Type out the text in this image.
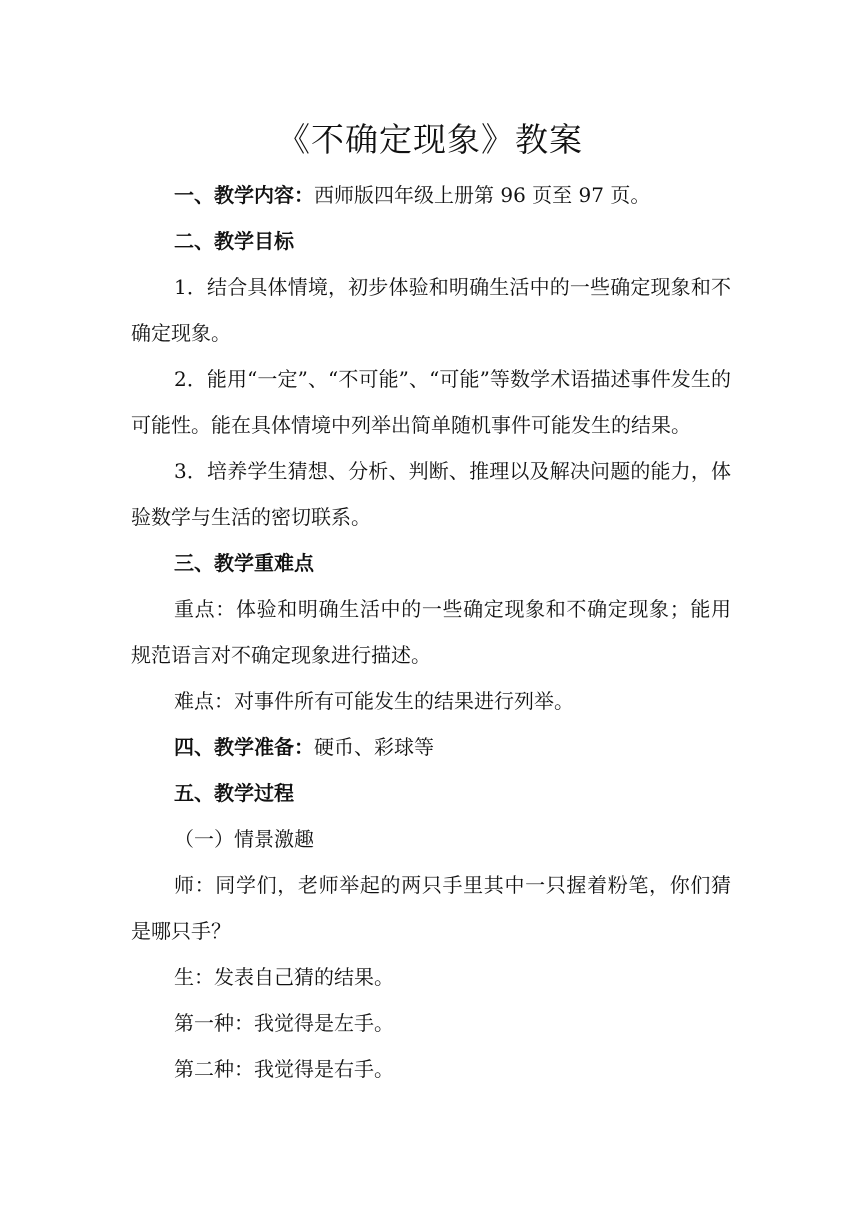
《不确定现象》教案

一、教学内容：西师版四年级上册第 96 页至 97 页。

二、教学目标

1．结合具体情境，初步体验和明确生活中的一些确定现象和不确定现象。

2．能用“一定”、“不可能”、“可能”等数学术语描述事件发生的可能性。能在具体情境中列举出简单随机事件可能发生的结果。

3．培养学生猜想、分析、判断、推理以及解决问题的能力，体验数学与生活的密切联系。

三、教学重难点

重点：体验和明确生活中的一些确定现象和不确定现象；能用规范语言对不确定现象进行描述。

难点：对事件所有可能发生的结果进行列举。

四、教学准备：硬币、彩球等

五、教学过程

（一）情景激趣

师：同学们，老师举起的两只手里其中一只握着粉笔，你们猜是哪只手？

生：发表自己猜的结果。

第一种：我觉得是左手。

第二种：我觉得是右手。
